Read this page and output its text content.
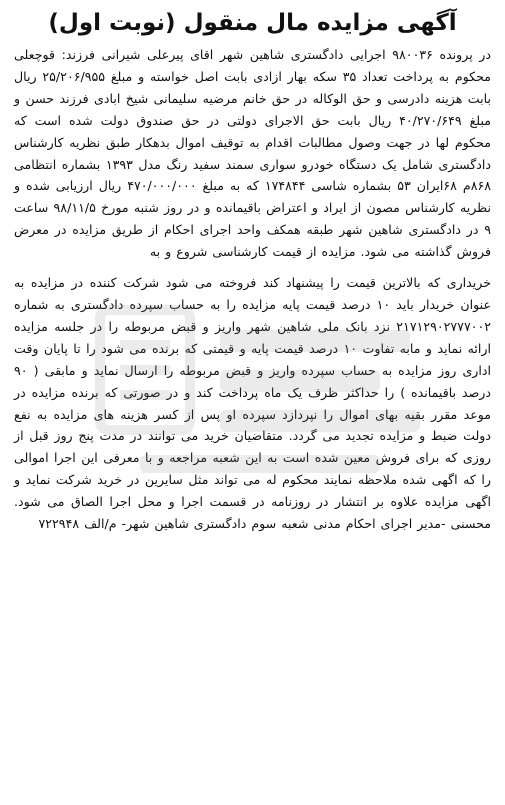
آگهی مزایده مال منقول (نوبت اول)

در پرونده ۹۸۰۰۳۶ اجرایی دادگستری شاهین شهر اقای پیرعلی شیرانی فرزند: قوچعلی محکوم به پرداخت تعداد ۳۵ سکه بهار ازادی بابت اصل خواسته و مبلغ ۲۵/۲۰۶/۹۵۵ ریال بابت هزینه دادرسی و حق الوکاله در حق خانم مرضیه سلیمانی شیخ ابادی فرزند حسن و مبلغ ۴۰/۲۷۰/۶۴۹ ریال بابت حق الاجرای دولتی در حق صندوق دولت شده است که محکوم لها در جهت وصول مطالبات اقدام به توقیف اموال بدهکار طبق نظریه کارشناس دادگستری شامل یک دستگاه خودرو سواری سمند سفید رنگ مدل ۱۳۹۳ بشماره انتظامی ۸۶۸م ۶۸ایران ۵۳ بشماره شاسی ۱۷۴۸۴۴ که به مبلغ ۴۷۰/۰۰۰/۰۰۰ ریال ارزیابی شده و نظریه کارشناس مصون از ایراد و اعتراض باقیمانده و در روز شنبه مورخ ۹۸/۱۱/۵ ساعت ۹ در دادگستری شاهین شهر طبقه همکف واحد اجرای احکام از طریق مزایده در معرض فروش گذاشته می شود. مزایده از قیمت کارشناسی شروع و به

خریداری که بالاترین قیمت را پیشنهاد کند فروخته می شود شرکت کننده در مزایده به عنوان خریدار باید ۱۰ درصد قیمت پایه مزایده را به حساب سپرده دادگستری به شماره ۲۱۷۱۲۹۰۲۷۷۷۰۰۲ نزد بانک ملی شاهین شهر واریز و قبض مربوطه را در جلسه مزایده ارائه نماید و مابه تفاوت ۱۰ درصد قیمت پایه و قیمتی که برنده می شود را تا پایان وقت اداری روز مزایده به حساب سپرده واریز و قبض مربوطه را ارسال نماید و مابقی ( ۹۰ درصد باقیمانده ) را حداکثر ظرف یک ماه پرداخت کند و در صورتی که برنده مزایده در موعد مقرر بقیه بهای اموال را نپردازد سپرده او پس از کسر هزینه های مزایده به نفع دولت ضبط و مزایده تجدید می گردد. متقاضیان خرید می توانند در مدت پنج روز قبل از روزی که برای فروش معین شده است به این شعبه مراجعه و با معرفی این اجرا اموالی را که اگهی شده ملاحظه نمایند محکوم له می تواند مثل سایرین در خرید شرکت نماید و اگهی مزایده علاوه بر انتشار در روزنامه در قسمت اجرا و محل اجرا الصاق می شود. محسنی -مدیر اجرای احکام مدنی شعبه سوم دادگستری شاهین شهر- م/الف ۷۲۲۹۴۸
